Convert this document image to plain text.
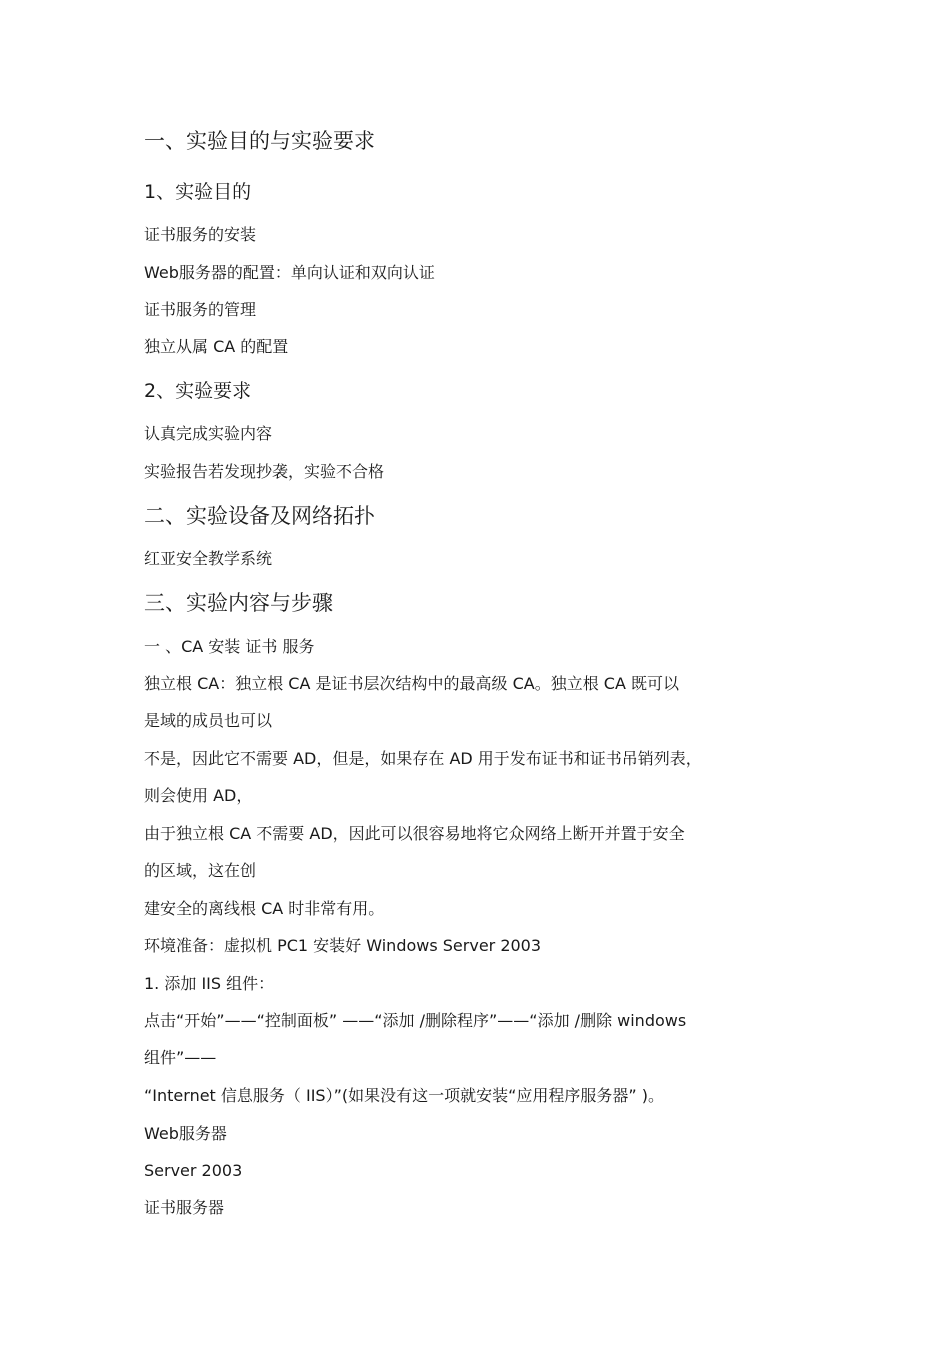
一、实验目的与实验要求
1、实验目的
证书服务的安装
Web服务器的配置：单向认证和双向认证
证书服务的管理
独立从属 CA 的配置
2、实验要求
认真完成实验内容
实验报告若发现抄袭，实验不合格
二、实验设备及网络拓扑
红亚安全教学系统
三、实验内容与步骤
一 、CA 安装 证书 服务
独立根 CA：独立根 CA 是证书层次结构中的最高级 CA。独立根 CA 既可以
是域的成员也可以
不是，因此它不需要 AD，但是，如果存在 AD 用于发布证书和证书吊销列表，
则会使用 AD，
由于独立根 CA 不需要 AD，因此可以很容易地将它众网络上断开并置于安全
的区域，这在创
建安全的离线根 CA 时非常有用。
环境准备：虚拟机 PC1 安装好 Windows Server 2003
1. 添加 IIS 组件：
点击“开始”——“控制面板” ——“添加 /删除程序”——“添加 /删除 windows
组件”——
“Internet 信息服务（ IIS）”(如果没有这一项就安装“应用程序服务器” )。
Web服务器
Server 2003
证书服务器
